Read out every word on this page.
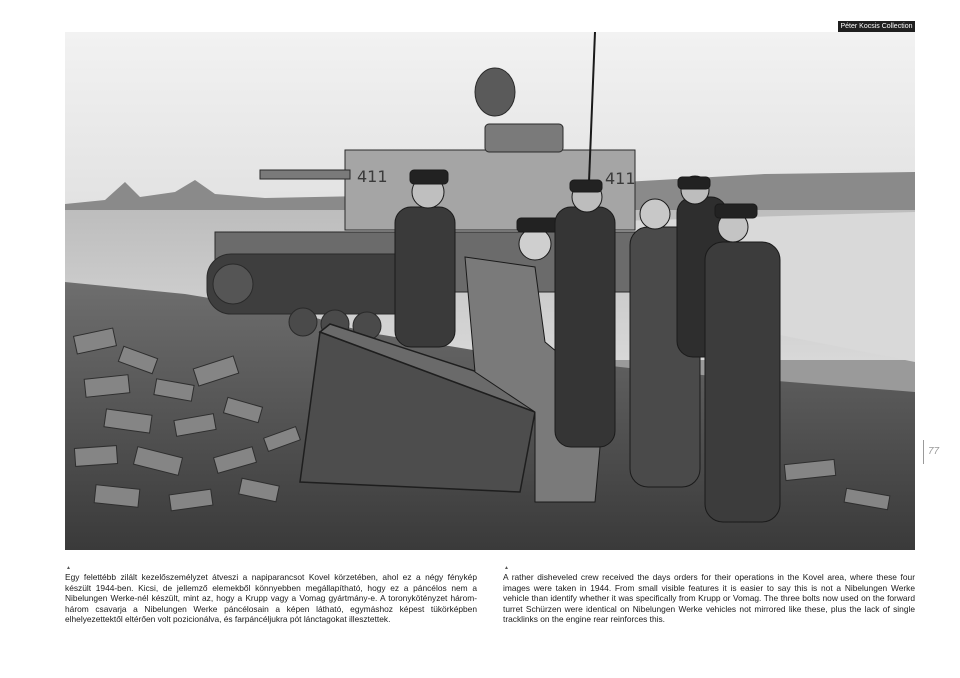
Péter Kocsis Collection
411	411
77
▲
Egy felettébb zilált kezelőszemélyzet átveszi a napiparancsot Kovel körzetében, ahol ez a négy fénykép készült 1944-ben. Kicsi, de jellemző elemekből könnyebben megállapítható, hogy ez a páncélos nem a Nibelungen Werke-nél készült, mint az, hogy a Krupp vagy a Vomag gyártmány-e. A toronykötényzet három-három csavarja a Nibelungen Werke páncélosain a képen látható, egymáshoz képest tükörképben elhelyezettektől eltérően volt pozicionálva, és farpáncéljukra pót lánctagokat illesztettek.
▲
A rather disheveled crew received the days orders for their operations in the Kovel area, where these four images were taken in 1944. From small visible features it is easier to say this is not a Nibelungen Werke vehicle than identify whether it was specifically from Krupp or Vomag. The three bolts now used on the forward turret Schürzen were identical on Nibelungen Werke vehicles not mirrored like these, plus the lack of single tracklinks on the engine rear reinforces this.
